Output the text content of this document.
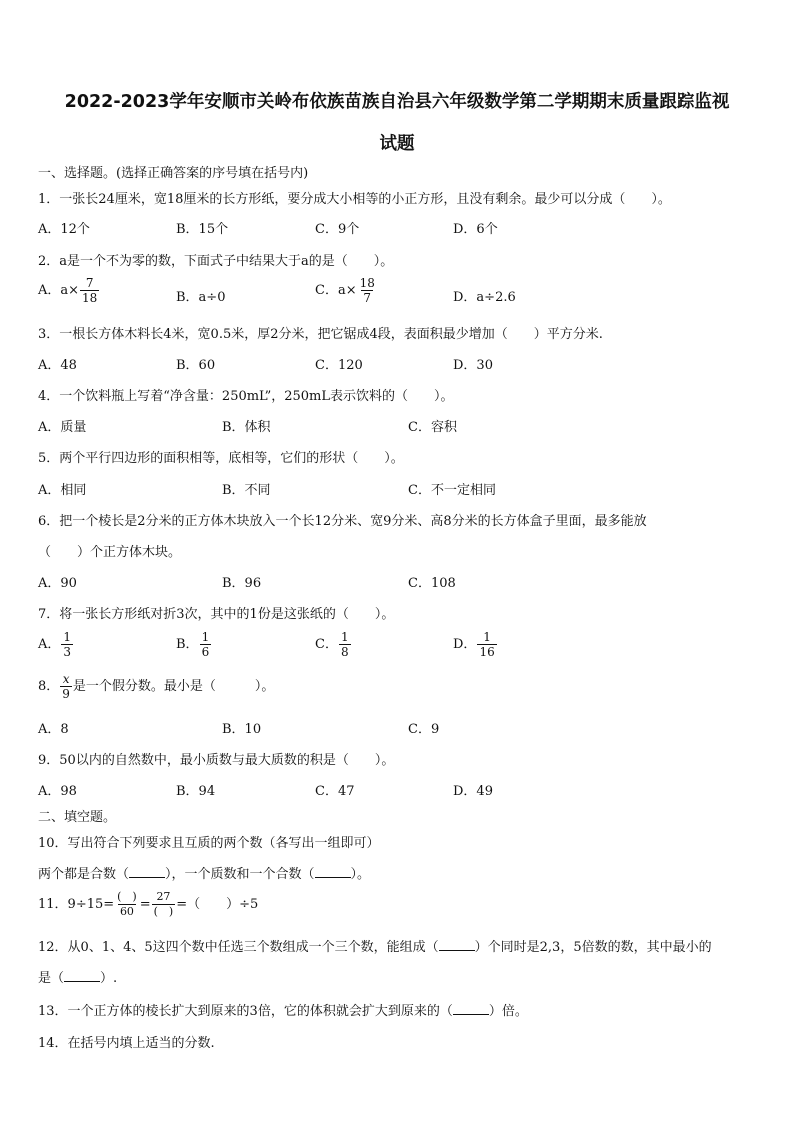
2022-2023学年安顺市关岭布依族苗族自治县六年级数学第二学期期末质量跟踪监视
试题
一、选择题。(选择正确答案的序号填在括号内)
1．一张长24厘米，宽18厘米的长方形纸，要分成大小相等的小正方形，且没有剩余。最少可以分成（　　）。
A．12个	B．15个	C．9个	D．6个
2．a是一个不为零的数，下面式子中结果大于a的是（　　）。
A．$a\times \frac{7}{18}$	B．a÷0	C．$a\times \frac{18}{7}$	D．a÷2.6
3．一根长方体木料长4米，宽0.5米，厚2分米，把它锯成4段，表面积最少增加（　　）平方分米.
A．48	B．60	C．120	D．30
4．一个饮料瓶上写着“净含量：250mL”，250mL表示饮料的（　　）。
A．质量	B．体积	C．容积
5．两个平行四边形的面积相等，底相等，它们的形状（　　）。
A．相同	B．不同	C．不一定相同
6．把一个棱长是2分米的正方体木块放入一个长12分米、宽9分米、高8分米的长方体盒子里面，最多能放
（　　）个正方体木块。
A．90	B．96	C．108
7．将一张长方形纸对折3次，其中的1份是这张纸的（　　）。
A． $\frac{1}{3}$	B． $\frac{1}{6}$	C． $\frac{1}{8}$	D． $\frac{1}{16}$
8． $\frac{x}{9}$ 是一个假分数。最小是（　　　）。
A．8	B．10	C．9
9．50以内的自然数中，最小质数与最大质数的积是（　　）。
A．98	B．94	C．47	D．49
二、填空题。
10．写出符合下列要求且互质的两个数（各写出一组即可）
两个都是合数（	），一个质数和一个合数（	）。
11．$9\div 15= \frac{( )}{60} = \frac{27}{( )}$ =（　　）÷5
12．从0、1、4、5这四个数中任选三个数组成一个三个数，能组成（	）个同时是2,3，5倍数的数，其中最小的
是（	）.
13．一个正方体的棱长扩大到原来的3倍，它的体积就会扩大到原来的（	）倍。
14．在括号内填上适当的分数.
